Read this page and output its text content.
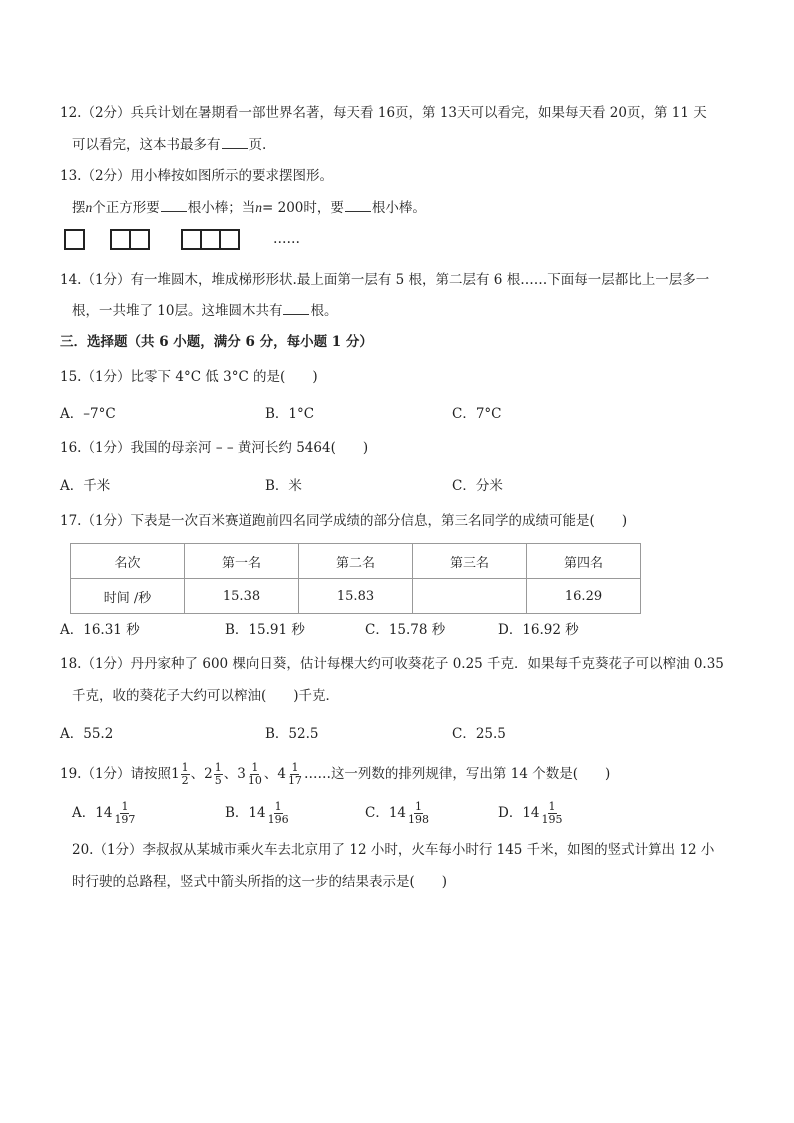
12.（2分）兵兵计划在暑期看一部世界名著，每天看 16页，第 13天可以看完，如果每天看 20页，第 11 天
可以看完，这本书最多有 页.
13.（2分）用小棒按如图所示的要求摆图形。
摆n个正方形要 根小棒；当n= 200时，要 根小棒。
……
14.（1分）有一堆圆木，堆成梯形形状.最上面第一层有 5 根，第二层有 6 根……下面每一层都比上一层多一
根，一共堆了 10层。这堆圆木共有 根。
三．选择题（共 6 小题，满分 6 分，每小题 1 分）
15.（1分）比零下 4°C 低 3°C 的是(　　)
A．–7°C	B．1°C	C．7°C
16.（1分）我国的母亲河 – – 黄河长约 5464(　　)
A．千米	B．米	C．分米
17.（1分）下表是一次百米赛道跑前四名同学成绩的部分信息，第三名同学的成绩可能是(　　)
名次	第一名	第二名	第三名	第四名
时间 /秒	15.38	15.83		16.29
A．16.31 秒	B．15.91 秒	C．15.78 秒	D．16.92 秒
18.（1分）丹丹家种了 600 棵向日葵，估计每棵大约可收葵花子 0.25 千克．如果每千克葵花子可以榨油 0.35
千克，收的葵花子大约可以榨油(　　)千克．
A．55.2	B．52.5	C．25.5
19.（1分）请按照$1 \frac{1}{2}$ 、$2 \frac{1}{5}$ 、$3 \frac{1}{10}$ 、$4 \frac{1}{17}$ ……这一列数的排列规律，写出第 14 个数是(　　)
A．$14 \frac{1}{197}$	B．$14 \frac{1}{196}$	C．$14 \frac{1}{198}$	D．$14 \frac{1}{195}$
20.（1分）李叔叔从某城市乘火车去北京用了 12 小时，火车每小时行 145 千米，如图的竖式计算出 12 小
时行驶的总路程，竖式中箭头所指的这一步的结果表示是(　　)
